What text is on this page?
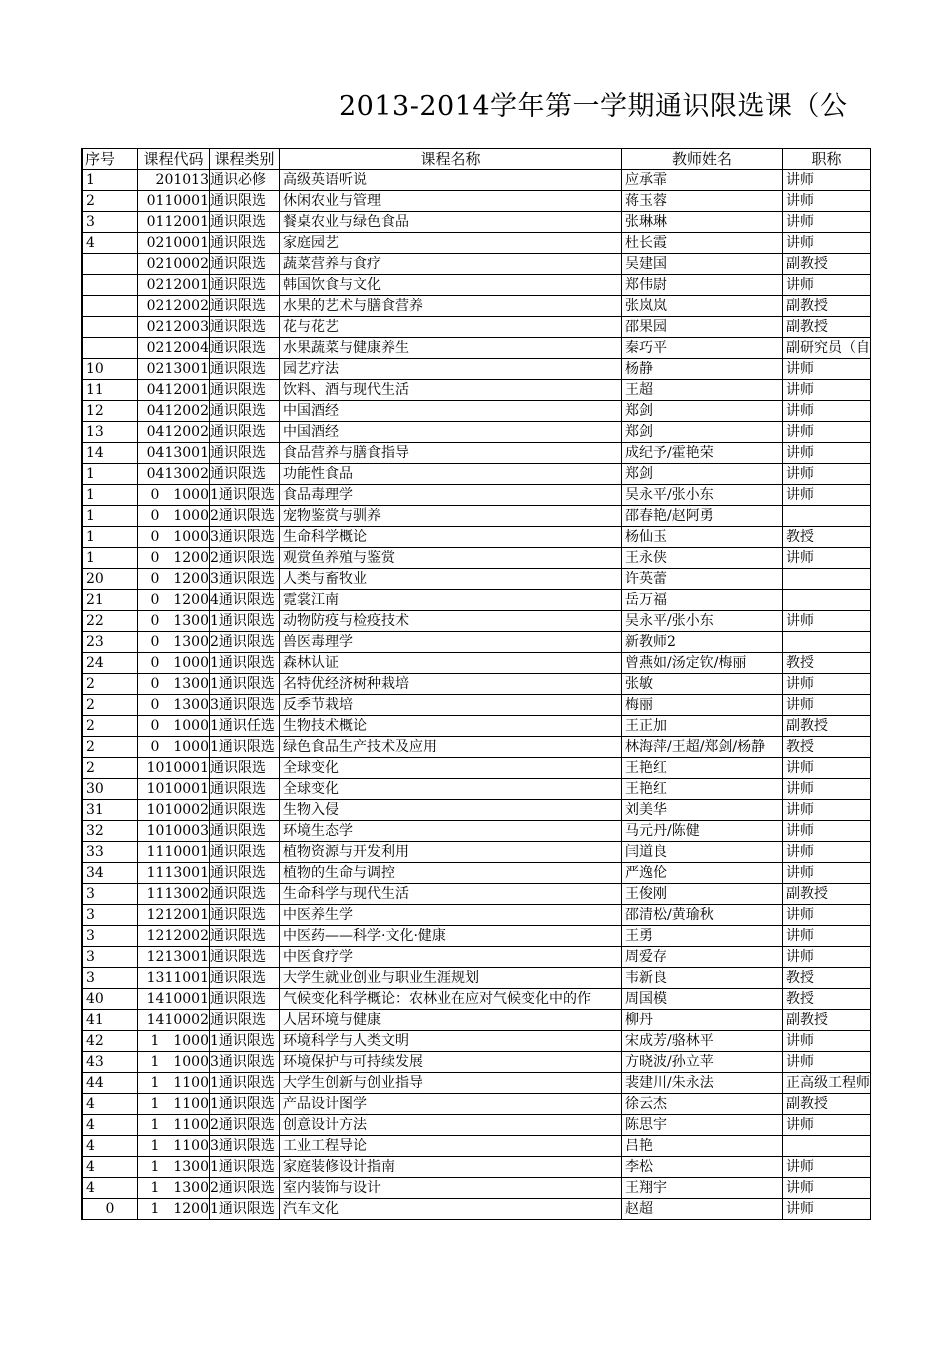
2013-2014学年第一学期通识限选课（公
序号	课程代码	课程类别	课程名称	教师姓名	职称
1	201013	通识必修	高级英语听说	应承霏	讲师
2	0110001	通识限选	休闲农业与管理	蒋玉蓉	讲师
3	0112001	通识限选	餐桌农业与绿色食品	张琳琳	讲师
4	0210001	通识限选	家庭园艺	杜长霞	讲师
	0210002	通识限选	蔬菜营养与食疗	吴建国	副教授
	0212001	通识限选	韩国饮食与文化	郑伟尉	讲师
	0212002	通识限选	水果的艺术与膳食营养	张岚岚	副教授
	0212003	通识限选	花与花艺	邵果园	副教授
	0212004	通识限选	水果蔬菜与健康养生	秦巧平	副研究员（自
10	0213001	通识限选	园艺疗法	杨静	讲师
11	0412001	通识限选	饮料、酒与现代生活	王超	讲师
12	0412002	通识限选	中国酒经	郑剑	讲师
13	0412002	通识限选	中国酒经	郑剑	讲师
14	0413001	通识限选	食品营养与膳食指导	成纪予/霍艳荣	讲师
1	0413002	通识限选	功能性食品	郑剑	讲师
1	0　1000	1通识限选	食品毒理学	吴永平/张小东	讲师
1	0　1000	2通识限选	宠物鉴赏与驯养	邵春艳/赵阿勇	
1	0　1000	3通识限选	生命科学概论	杨仙玉	教授
1	0　1200	2通识限选	观赏鱼养殖与鉴赏	王永侠	讲师
20	0　1200	3通识限选	人类与畜牧业	许英蕾	
21	0　1200	4通识限选	霓裳江南	岳万福	
22	0　1300	1通识限选	动物防疫与检疫技术	吴永平/张小东	讲师
23	0　1300	2通识限选	兽医毒理学	新教师2	
24	0　1000	1通识限选	森林认证	曾燕如/汤定钦/梅丽	教授
2	0　1300	1通识限选	名特优经济树种栽培	张敏	讲师
2	0　1300	3通识限选	反季节栽培	梅丽	讲师
2	0　1000	1通识任选	生物技术概论	王正加	副教授
2	0　1000	1通识限选	绿色食品生产技术及应用	林海萍/王超/郑剑/杨静	教授
2	1010001	通识限选	全球变化	王艳红	讲师
30	1010001	通识限选	全球变化	王艳红	讲师
31	1010002	通识限选	生物入侵	刘美华	讲师
32	1010003	通识限选	环境生态学	马元丹/陈健	讲师
33	1110001	通识限选	植物资源与开发利用	闫道良	讲师
34	1113001	通识限选	植物的生命与调控	严逸伦	讲师
3	1113002	通识限选	生命科学与现代生活	王俊刚	副教授
3	1212001	通识限选	中医养生学	邵清松/黄瑜秋	讲师
3	1212002	通识限选	中医药——科学·文化·健康	王勇	讲师
3	1213001	通识限选	中医食疗学	周爱存	讲师
3	1311001	通识限选	大学生就业创业与职业生涯规划	韦新良	教授
40	1410001	通识限选	气候变化科学概论：农林业在应对气候变化中的作	周国模	教授
41	1410002	通识限选	人居环境与健康	柳丹	副教授
42	1　1000	1通识限选	环境科学与人类文明	宋成芳/骆林平	讲师
43	1　1000	3通识限选	环境保护与可持续发展	方晓波/孙立苹	讲师
44	1　1100	1通识限选	大学生创新与创业指导	裴建川/朱永法	正高级工程师
4	1　1100	1通识限选	产品设计图学	徐云杰	副教授
4	1　1100	2通识限选	创意设计方法	陈思宇	讲师
4	1　1100	3通识限选	工业工程导论	吕艳	
4	1　1300	1通识限选	家庭装修设计指南	李松	讲师
4	1　1300	2通识限选	室内装饰与设计	王翔宇	讲师
0	1　1200	1通识限选	汽车文化	赵超	讲师
